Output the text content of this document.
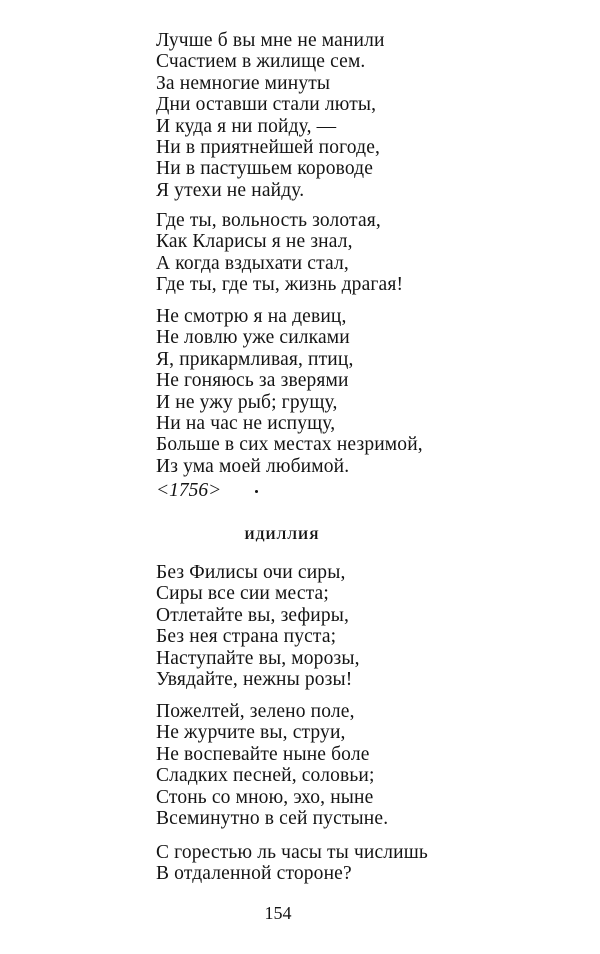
Лучше б вы мне не манили
Счастием в жилище сем.
За немногие минуты
Дни оставши стали люты,
И куда я ни пойду, —
Ни в приятнейшей погоде,
Ни в пастушьем короводе
Я утехи не найду.
Где ты, вольность золотая,
Как Кларисы я не знал,
А когда вздыхати стал,
Где ты, где ты, жизнь драгая!
Не смотрю я на девиц,
Не ловлю уже силками
Я, прикармливая, птиц,
Не гоняюсь за зверями
И не ужу рыб; грущу,
Ни на час не испущу,
Больше в сих местах незримой,
Из ума моей любимой.
<1756>
ИДИЛЛИЯ
Без Филисы очи сиры,
Сиры все сии места;
Отлетайте вы, зефиры,
Без нея страна пуста;
Наступайте вы, морозы,
Увядайте, нежны розы!
Пожелтей, зелено поле,
Не журчите вы, струи,
Не воспевайте ныне боле
Сладких песней, соловьи;
Стонь со мною, эхо, ныне
Всеминутно в сей пустыне.
С горестью ль часы ты числишь
В отдаленной стороне?
154
